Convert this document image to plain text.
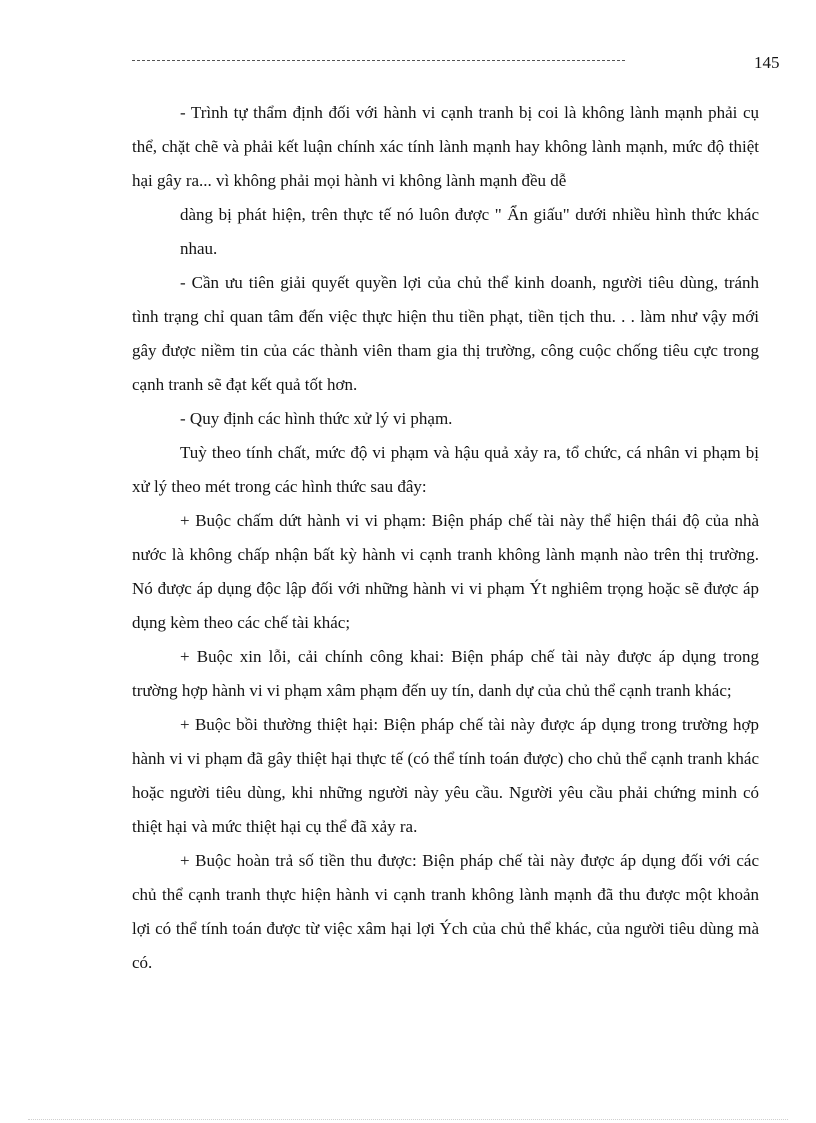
145

- Trình tự thẩm định đối với hành vi cạnh tranh bị coi là không lành mạnh phải cụ thể, chặt chẽ và phải kết luận chính xác tính lành mạnh hay không lành mạnh, mức độ thiệt hại gây ra... vì không phải mọi hành vi không lành mạnh đều dễ

dàng bị phát hiện, trên thực tế nó luôn được " Ẩn giấu" dưới nhiều hình thức khác nhau.

- Cần ưu tiên giải quyết quyền lợi của chủ thể kinh doanh, người tiêu dùng, tránh tình trạng chỉ quan tâm đến việc thực hiện thu tiền phạt, tiền tịch thu. . . làm như vậy mới gây được niềm tin của các thành viên tham gia thị trường, công cuộc chống tiêu cực trong cạnh tranh sẽ đạt kết quả tốt hơn.

- Quy định các hình thức xử lý vi phạm.

Tuỳ theo tính chất, mức độ vi phạm và hậu quả xảy ra, tổ chức, cá nhân vi phạm bị xử lý theo mét trong các hình thức sau đây:

+ Buộc chấm dứt hành vi vi phạm: Biện pháp chế tài này thể hiện thái độ của nhà nước là không chấp nhận bất kỳ hành vi cạnh tranh không lành mạnh nào trên thị trường. Nó được áp dụng độc lập đối với những hành vi vi phạm Ýt nghiêm trọng hoặc sẽ được áp dụng kèm theo các chế tài khác;

+ Buộc xin lỗi, cải chính công khai: Biện pháp chế tài này được áp dụng trong trường hợp hành vi vi phạm xâm phạm đến uy tín, danh dự của chủ thể cạnh tranh khác;

+ Buộc bồi thường thiệt hại: Biện pháp chế tài này được áp dụng trong trường hợp hành vi vi phạm đã gây thiệt hại thực tế (có thể tính toán được) cho chủ thể cạnh tranh khác hoặc người tiêu dùng, khi những người này yêu cầu. Người yêu cầu phải chứng minh có thiệt hại và mức thiệt hại cụ thể đã xảy ra.

+ Buộc hoàn trả số tiền thu được: Biện pháp chế tài này được áp dụng đối với các chủ thể cạnh tranh thực hiện hành vi cạnh tranh không lành mạnh đã thu được một khoản lợi có thể tính toán được từ việc xâm hại lợi Ých của chủ thể khác, của người tiêu dùng mà có.
